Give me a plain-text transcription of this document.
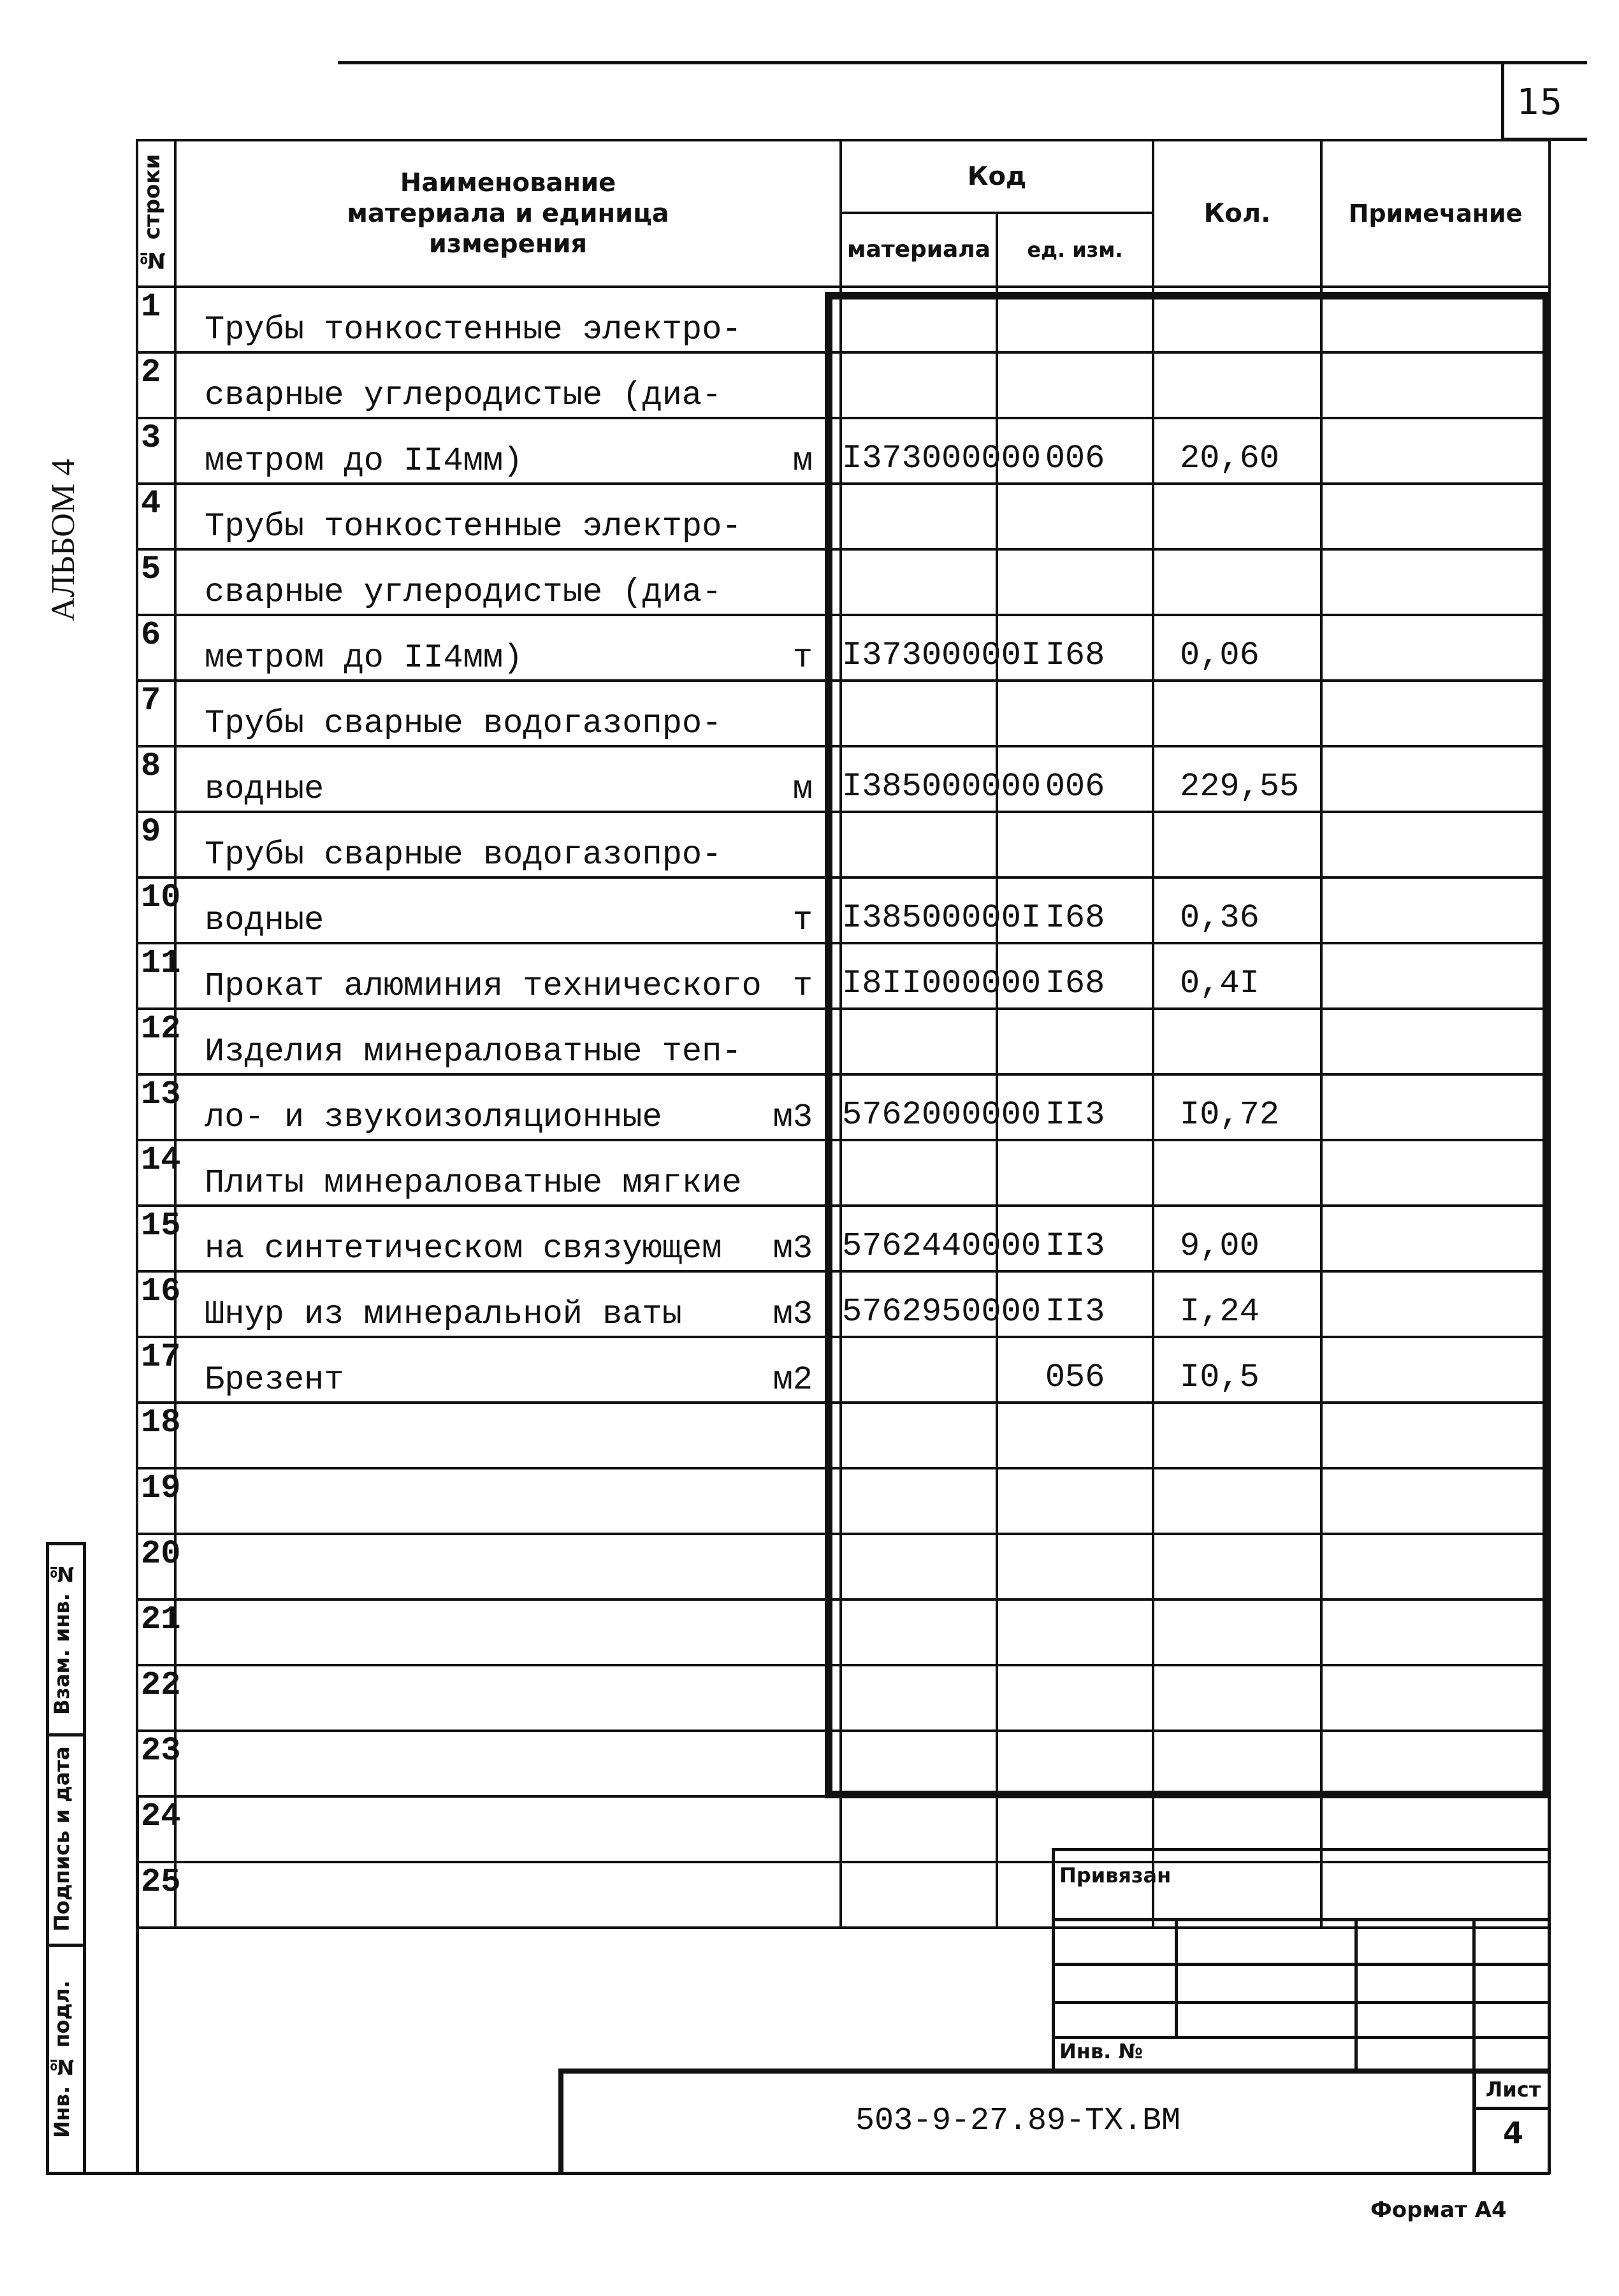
15
АЛЬБОМ 4
№ строки	Наименование материала и единица измерения	Код		Кол.	Примечание

		материала	ед. изм.		

1	Трубы тонкостенные электро-				

2	сварные углеродистые (диа-				

3	метром до II4мм) м	I373000000	006	20,60	
4	Трубы тонкостенные электро-				

5	сварные углеродистые (диа-				

6	метром до II4мм) т	I37300000I	I68	0,06	
7	Трубы сварные водогазопро-				

8	водные м	I385000000	006	229,55	
9	Трубы сварные водогазопро-				

10	водные т	I38500000I	I68	0,36	
11	Прокат алюминия технического т	I8II000000	I68	0,4I	
12	Изделия минераловатные теп-				

13	ло- и звукоизоляционные м3	5762000000	II3	I0,72	
14	Плиты минераловатные мягкие				

15	на синтетическом связующем м3	5762440000	II3	9,00	
16	Шнур из минеральной ваты м3	5762950000	II3	I,24	
17	Брезент м2		056	I0,5	
18	

19	

20	

21	

22	

23	

24	

25	

Взам. инв. №
Подпись и дата
Инв. № подл.
Привязан
Инв. №
503-9-27.89-ТХ.ВМ
Лист
4
Формат А4
